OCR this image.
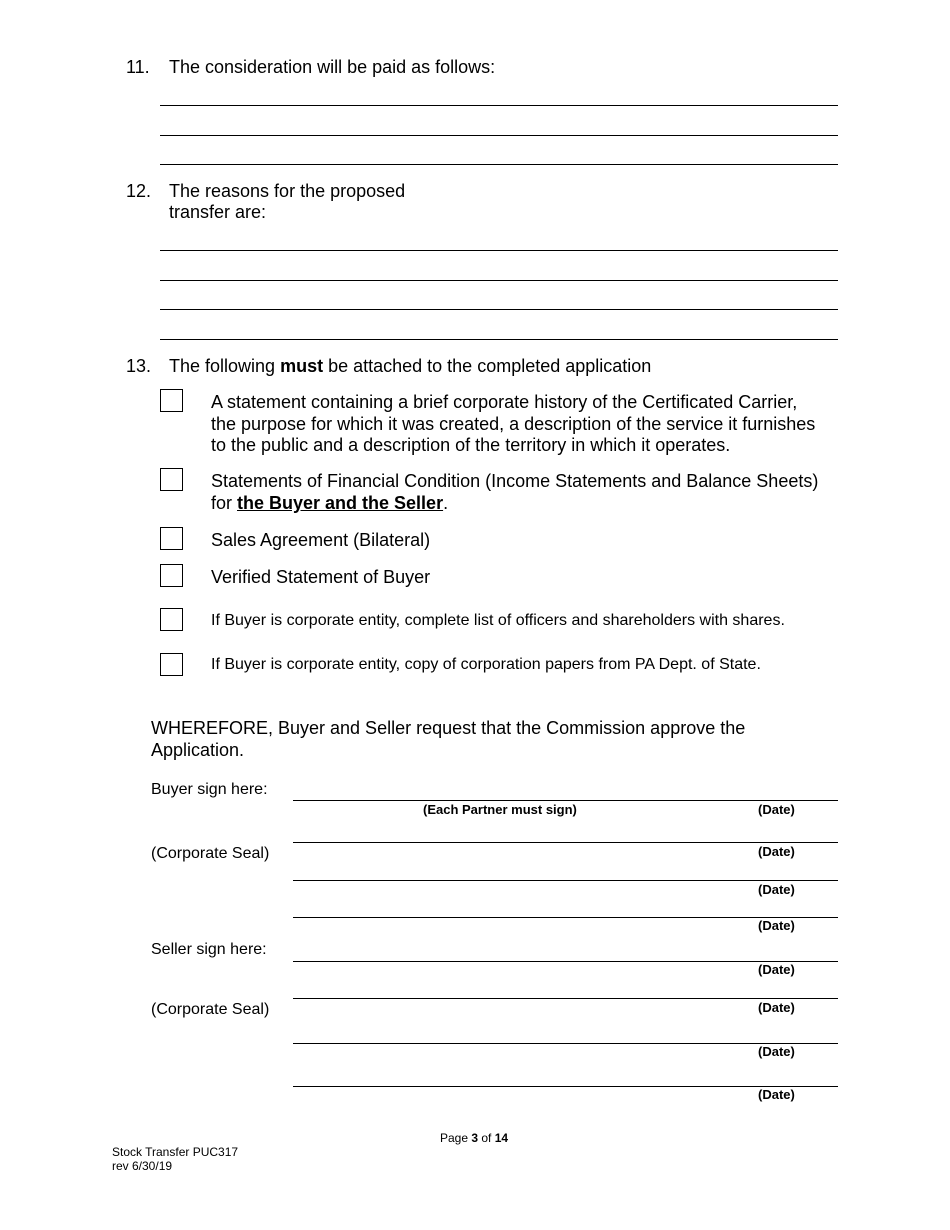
11. The consideration will be paid as follows:
12. The reasons for the proposed
transfer are:
13. The following must be attached to the completed application
A statement containing a brief corporate history of the Certificated Carrier,
the purpose for which it was created, a description of the service it furnishes
to the public and a description of the territory in which it operates.
Statements of Financial Condition (Income Statements and Balance Sheets)
for the Buyer and the Seller.
Sales Agreement (Bilateral)
Verified Statement of Buyer
If Buyer is corporate entity, complete list of officers and shareholders with shares.
If Buyer is corporate entity, copy of corporation papers from PA Dept. of State.
WHEREFORE, Buyer and Seller request that the Commission approve the
Application.
Buyer sign here:
(Each Partner must sign)	(Date)
(Corporate Seal)	(Date)
(Date)
(Date)
Seller sign here:
(Date)
(Corporate Seal)	(Date)
(Date)
(Date)
Page 3 of 14
Stock Transfer PUC317
rev 6/30/19
